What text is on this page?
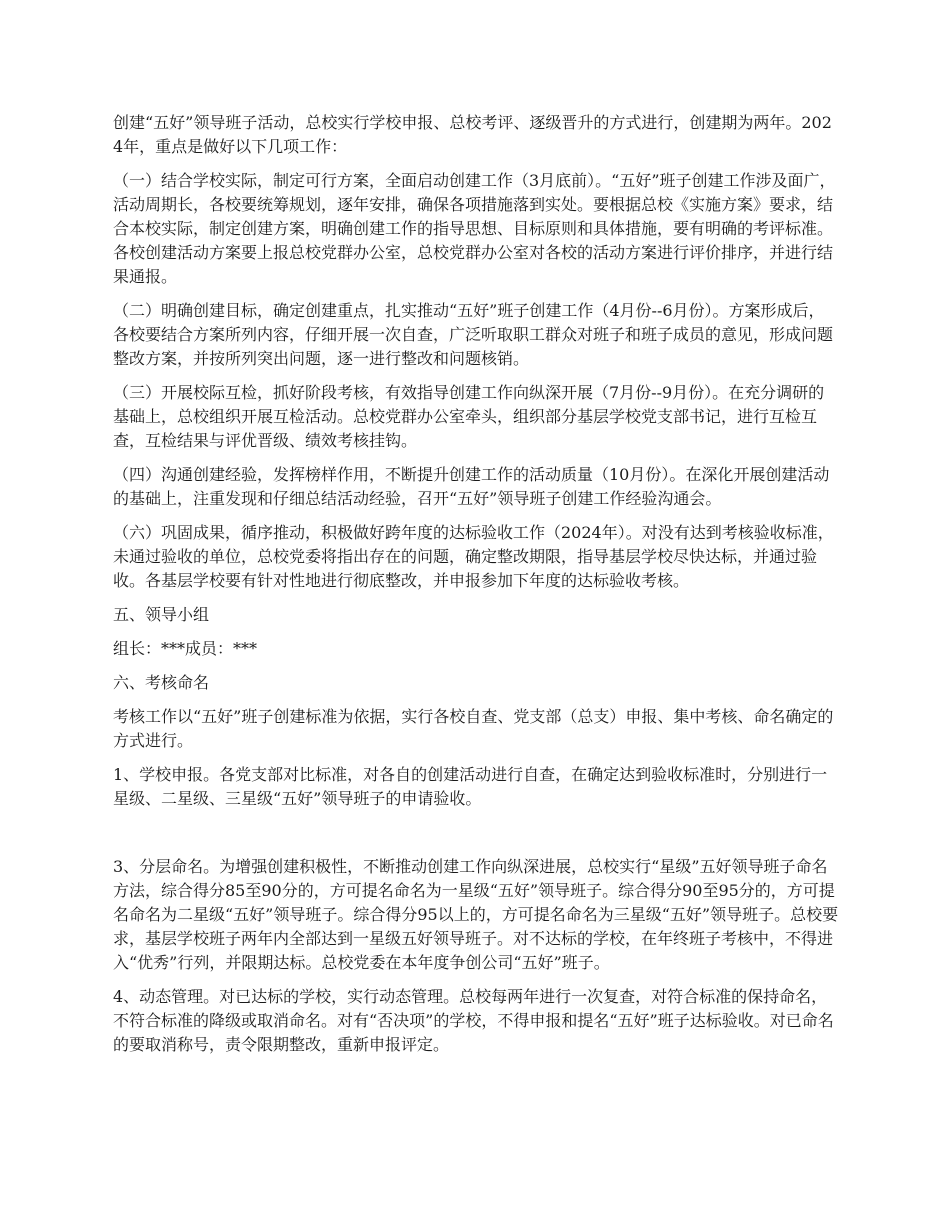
创建“五好”领导班子活动，总校实行学校申报、总校考评、逐级晋升的方式进行，创建期为两年。2024年，重点是做好以下几项工作：

（一）结合学校实际，制定可行方案，全面启动创建工作（3月底前）。“五好”班子创建工作涉及面广，活动周期长，各校要统筹规划，逐年安排，确保各项措施落到实处。要根据总校《实施方案》要求，结合本校实际，制定创建方案，明确创建工作的指导思想、目标原则和具体措施，要有明确的考评标准。各校创建活动方案要上报总校党群办公室，总校党群办公室对各校的活动方案进行评价排序，并进行结果通报。

（二）明确创建目标，确定创建重点，扎实推动“五好”班子创建工作（4月份--6月份）。方案形成后，各校要结合方案所列内容，仔细开展一次自查，广泛听取职工群众对班子和班子成员的意见，形成问题整改方案，并按所列突出问题，逐一进行整改和问题核销。

（三）开展校际互检，抓好阶段考核，有效指导创建工作向纵深开展（7月份--9月份）。在充分调研的基础上，总校组织开展互检活动。总校党群办公室牵头，组织部分基层学校党支部书记，进行互检互查，互检结果与评优晋级、绩效考核挂钩。

（四）沟通创建经验，发挥榜样作用，不断提升创建工作的活动质量（10月份）。在深化开展创建活动的基础上，注重发现和仔细总结活动经验，召开“五好”领导班子创建工作经验沟通会。

（六）巩固成果，循序推动，积极做好跨年度的达标验收工作（2024年）。对没有达到考核验收标准，未通过验收的单位，总校党委将指出存在的问题，确定整改期限，指导基层学校尽快达标，并通过验收。各基层学校要有针对性地进行彻底整改，并申报参加下年度的达标验收考核。

五、领导小组

组长：***成员：***

六、考核命名

考核工作以“五好”班子创建标准为依据，实行各校自查、党支部（总支）申报、集中考核、命名确定的方式进行。

1、学校申报。各党支部对比标准，对各自的创建活动进行自查，在确定达到验收标准时，分别进行一星级、二星级、三星级“五好”领导班子的申请验收。

3、分层命名。为增强创建积极性，不断推动创建工作向纵深进展，总校实行“星级”五好领导班子命名方法，综合得分85至90分的，方可提名命名为一星级“五好”领导班子。综合得分90至95分的，方可提名命名为二星级“五好”领导班子。综合得分95以上的，方可提名命名为三星级“五好”领导班子。总校要求，基层学校班子两年内全部达到一星级五好领导班子。对不达标的学校，在年终班子考核中，不得进入“优秀”行列，并限期达标。总校党委在本年度争创公司“五好”班子。

4、动态管理。对已达标的学校，实行动态管理。总校每两年进行一次复查，对符合标准的保持命名，不符合标准的降级或取消命名。对有“否决项”的学校，不得申报和提名“五好”班子达标验收。对已命名的要取消称号，责令限期整改，重新申报评定。
